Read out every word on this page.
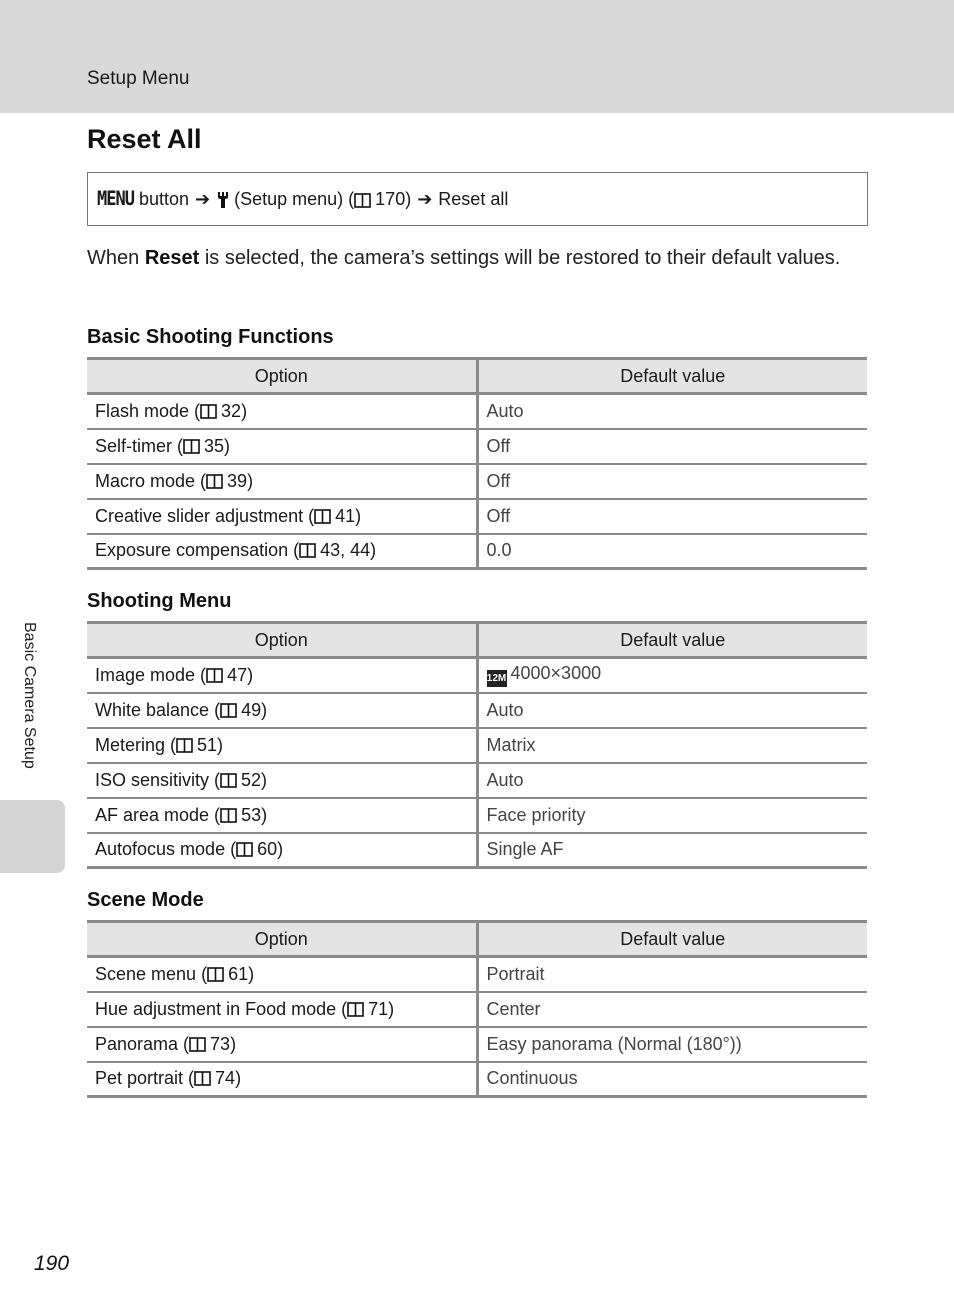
Setup Menu
Reset All
MENU
button ➔ (Setup menu) ( 170) ➔ Reset all

When Reset is selected, the camera’s settings will be restored to their default values.

Basic Shooting Functions
Option	Default value
Flash mode ( 32)	Auto
Self-timer ( 35)	Off
Macro mode ( 39)	Off
Creative slider adjustment ( 41)	Off
Exposure compensation ( 43, 44)	0.0
Shooting Menu
Option	Default value
Image mode ( 47)	12M 4000×3000
White balance ( 49)	Auto
Metering ( 51)	Matrix
ISO sensitivity ( 52)	Auto
AF area mode ( 53)	Face priority
Autofocus mode ( 60)	Single AF
Scene Mode
Option	Default value
Scene menu ( 61)	Portrait
Hue adjustment in Food mode ( 71)	Center
Panorama ( 73)	Easy panorama (Normal (180°))
Pet portrait ( 74)	Continuous
Basic Camera Setup
190
